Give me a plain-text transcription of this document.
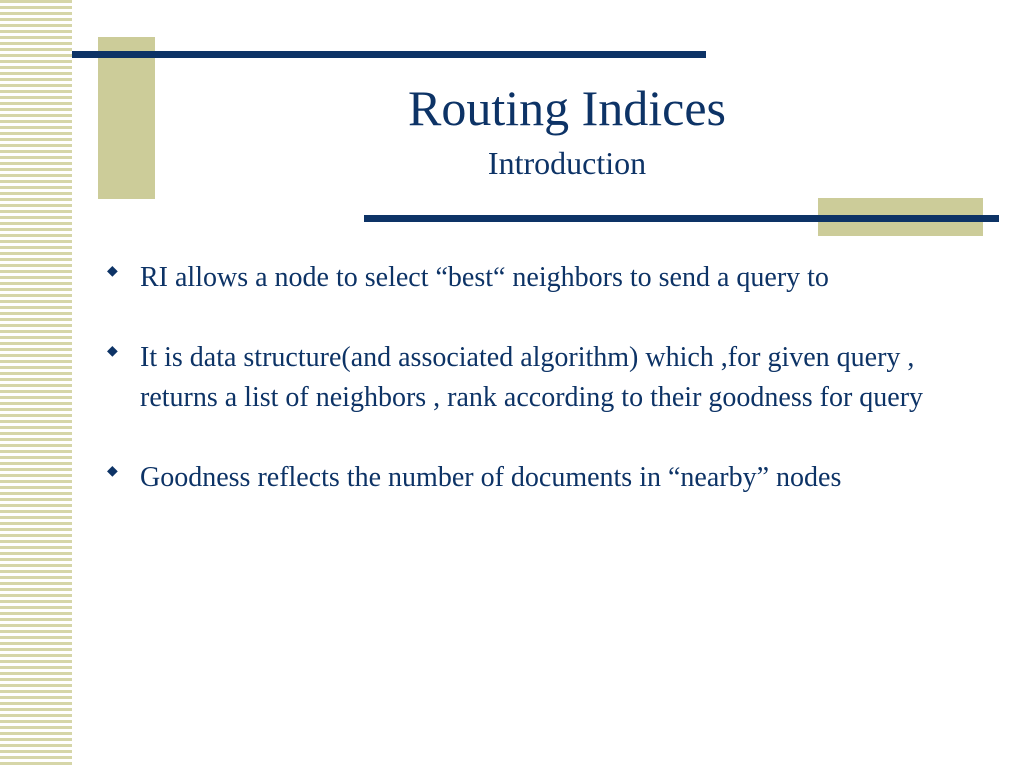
Routing Indices
Introduction
◆ RI allows a node to select “best“ neighbors to send a query to
◆ It is data structure(and associated algorithm) which ,for given query , returns a list of neighbors , rank according to their goodness for query
◆ Goodness reflects the number of documents in “nearby” nodes
